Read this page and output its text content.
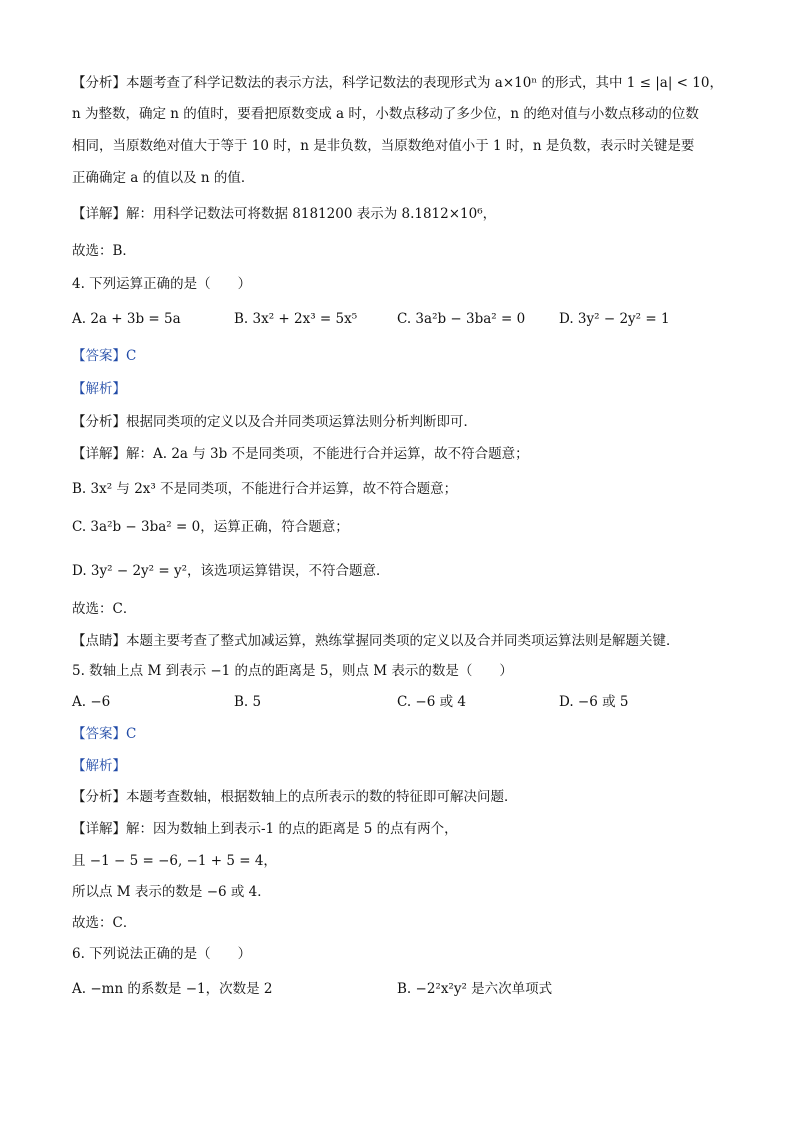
【分析】本题考查了科学记数法的表示方法，科学记数法的表现形式为 a×10ⁿ 的形式，其中 1 ≤ |a| < 10，
n 为整数，确定 n 的值时，要看把原数变成 a 时，小数点移动了多少位，n 的绝对值与小数点移动的位数
相同，当原数绝对值大于等于 10 时，n 是非负数，当原数绝对值小于 1 时，n 是负数，表示时关键是要
正确确定 a 的值以及 n 的值．
【详解】解：用科学记数法可将数据 8181200 表示为 8.1812×10⁶，
故选：B．
4. 下列运算正确的是（　　）
A. 2a + 3b = 5a	B. 3x² + 2x³ = 5x⁵	C. 3a²b − 3ba² = 0	D. 3y² − 2y² = 1
【答案】C
【解析】
【分析】根据同类项的定义以及合并同类项运算法则分析判断即可．
【详解】解：A. 2a 与 3b 不是同类项，不能进行合并运算，故不符合题意；
B. 3x² 与 2x³ 不是同类项，不能进行合并运算，故不符合题意；
C. 3a²b − 3ba² = 0，运算正确，符合题意；
D. 3y² − 2y² = y²，该选项运算错误，不符合题意．
故选：C．
【点睛】本题主要考查了整式加减运算，熟练掌握同类项的定义以及合并同类项运算法则是解题关键．
5. 数轴上点 M 到表示 −1 的点的距离是 5，则点 M 表示的数是（　　）
A. −6	B. 5	C. −6 或 4	D. −6 或 5
【答案】C
【解析】
【分析】本题考查数轴，根据数轴上的点所表示的数的特征即可解决问题．
【详解】解：因为数轴上到表示-1 的点的距离是 5 的点有两个，
且 −1 − 5 = −6, −1 + 5 = 4，
所以点 M 表示的数是 −6 或 4．
故选：C．
6. 下列说法正确的是（　　）
A. −mn 的系数是 −1，次数是 2	B. −2²x²y² 是六次单项式
